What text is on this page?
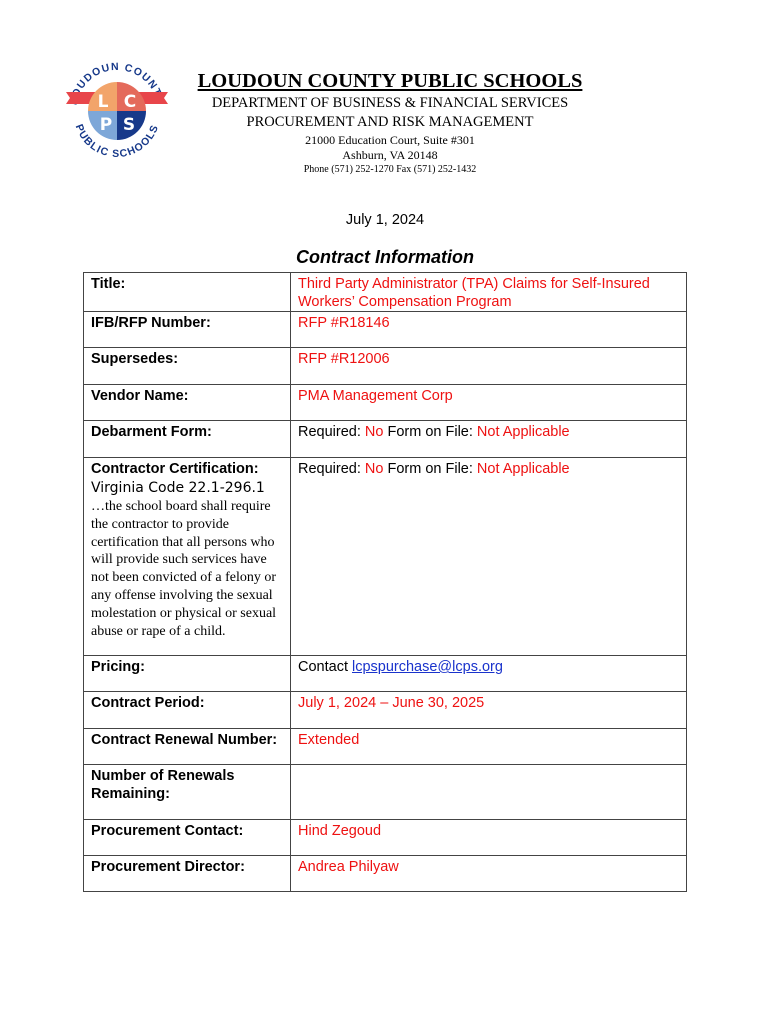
UDOUN COUN
PUBLIC SCHOOLS
L C
P S
LOUDOUN COUNTY PUBLIC SCHOOLS
DEPARTMENT OF BUSINESS & FINANCIAL SERVICES
PROCUREMENT AND RISK MANAGEMENT
21000 Education Court, Suite #301
Ashburn, VA 20148
Phone (571) 252-1270 Fax (571) 252-1432
July 1, 2024
Contract Information
Title:	Third Party Administrator (TPA) Claims for Self-Insured Workers’ Compensation Program
IFB/RFP Number:	RFP #R18146
Supersedes:	RFP #R12006
Vendor Name:	PMA Management Corp
Debarment Form:	Required: No Form on File: Not Applicable

Contractor Certification:
Virginia Code 22.1-296.1
…the school board shall require the contractor to provide certification that all persons who will provide such services have not been convicted of a felony or any offense involving the sexual molestation or physical or sexual abuse or rape of a child.	Required: No Form on File: Not Applicable
Pricing:	Contact lcpspurchase@lcps.org
Contract Period:	July 1, 2024 – June 30, 2025
Contract Renewal Number:	Extended
Number of Renewals Remaining:	
Procurement Contact:	Hind Zegoud
Procurement Director:	Andrea Philyaw
